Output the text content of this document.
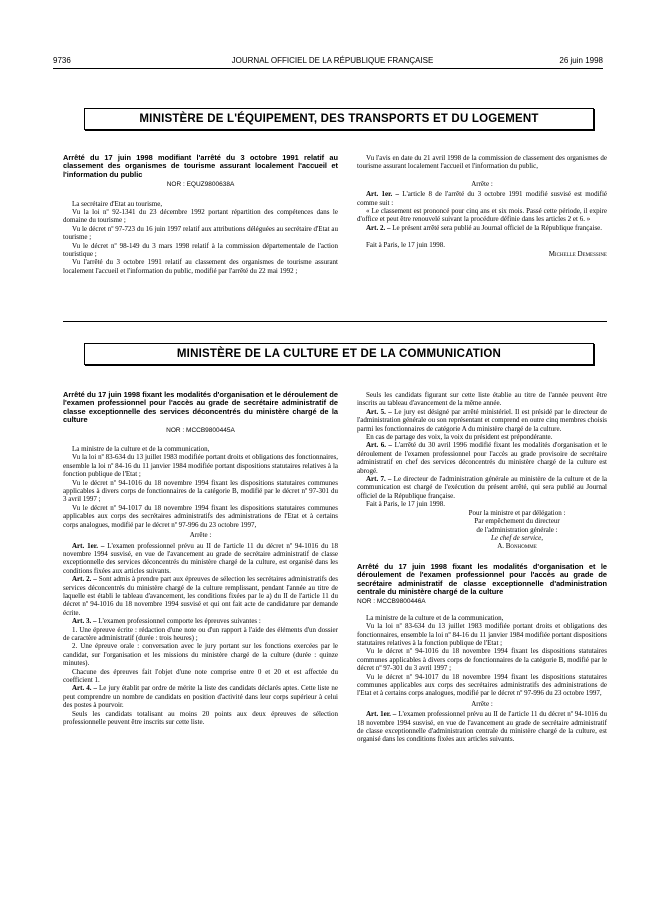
9736	JOURNAL OFFICIEL DE LA RÉPUBLIQUE FRANÇAISE	26 juin 1998
MINISTÈRE DE L'ÉQUIPEMENT, DES TRANSPORTS ET DU LOGEMENT

Arrêté du 17 juin 1998 modifiant l'arrêté du 3 octobre 1991 relatif au classement des organismes de tourisme assurant localement l'accueil et l'information du public

NOR : EQUZ9800638A

La secrétaire d'Etat au tourisme,

Vu la loi nº 92-1341 du 23 décembre 1992 portant répartition des compétences dans le domaine du tourisme ;

Vu le décret nº 97-723 du 16 juin 1997 relatif aux attributions déléguées au secrétaire d'Etat au tourisme ;

Vu le décret nº 98-149 du 3 mars 1998 relatif à la commission départementale de l'action touristique ;

Vu l'arrêté du 3 octobre 1991 relatif au classement des organismes de tourisme assurant localement l'accueil et l'information du public, modifié par l'arrêté du 22 mai 1992 ;

Vu l'avis en date du 21 avril 1998 de la commission de classement des organismes de tourisme assurant localement l'accueil et l'information du public,

Arrête :

Art. 1er. – L'article 8 de l'arrêté du 3 octobre 1991 modifié susvisé est modifié comme suit :

« Le classement est prononcé pour cinq ans et six mois. Passé cette période, il expire d'office et peut être renouvelé suivant la procédure définie dans les articles 2 et 6. »

Art. 2. – Le présent arrêté sera publié au Journal officiel de la République française.

Fait à Paris, le 17 juin 1998.

Michelle Demessine

MINISTÈRE DE LA CULTURE ET DE LA COMMUNICATION

Arrêté du 17 juin 1998 fixant les modalités d'organisation et le déroulement de l'examen professionnel pour l'accès au grade de secrétaire administratif de classe exceptionnelle des services déconcentrés du ministère chargé de la culture

NOR : MCCB9800445A

La ministre de la culture et de la communication,

Vu la loi nº 83-634 du 13 juillet 1983 modifiée portant droits et obligations des fonctionnaires, ensemble la loi nº 84-16 du 11 janvier 1984 modifiée portant dispositions statutaires relatives à la fonction publique de l'Etat ;

Vu le décret nº 94-1016 du 18 novembre 1994 fixant les dispositions statutaires communes applicables à divers corps de fonctionnaires de la catégorie B, modifié par le décret nº 97-301 du 3 avril 1997 ;

Vu le décret nº 94-1017 du 18 novembre 1994 fixant les dispositions statutaires communes applicables aux corps des secrétaires administratifs des administrations de l'Etat et à certains corps analogues, modifié par le décret nº 97-996 du 23 octobre 1997,

Arrête :

Art. 1er. – L'examen professionnel prévu au II de l'article 11 du décret nº 94-1016 du 18 novembre 1994 susvisé, en vue de l'avancement au grade de secrétaire administratif de classe exceptionnelle des services déconcentrés du ministère chargé de la culture, est organisé dans les conditions fixées aux articles suivants.

Art. 2. – Sont admis à prendre part aux épreuves de sélection les secrétaires administratifs des services déconcentrés du ministère chargé de la culture remplissant, pendant l'année au titre de laquelle est établi le tableau d'avancement, les conditions fixées par le a) du II de l'article 11 du décret nº 94-1016 du 18 novembre 1994 susvisé et qui ont fait acte de candidature par demande écrite.

Art. 3. – L'examen professionnel comporte les épreuves suivantes :

1. Une épreuve écrite : rédaction d'une note ou d'un rapport à l'aide des éléments d'un dossier de caractère administratif (durée : trois heures) ;

2. Une épreuve orale : conversation avec le jury portant sur les fonctions exercées par le candidat, sur l'organisation et les missions du ministère chargé de la culture (durée : quinze minutes).

Chacune des épreuves fait l'objet d'une note comprise entre 0 et 20 et est affectée du coefficient 1.

Art. 4. – Le jury établit par ordre de mérite la liste des candidats déclarés aptes. Cette liste ne peut comprendre un nombre de candidats en position d'activité dans leur corps supérieur à celui des postes à pourvoir.

Seuls les candidats totalisant au moins 20 points aux deux épreuves de sélection professionnelle peuvent être inscrits sur cette liste.

Seuls les candidats figurant sur cette liste établie au titre de l'année peuvent être inscrits au tableau d'avancement de la même année.

Art. 5. – Le jury est désigné par arrêté ministériel. Il est présidé par le directeur de l'administration générale ou son représentant et comprend en outre cinq membres choisis parmi les fonctionnaires de catégorie A du ministère chargé de la culture.

En cas de partage des voix, la voix du président est prépondérante.

Art. 6. – L'arrêté du 30 avril 1996 modifié fixant les modalités d'organisation et le déroulement de l'examen professionnel pour l'accès au grade provisoire de secrétaire administratif en chef des services déconcentrés du ministère chargé de la culture est abrogé.

Art. 7. – Le directeur de l'administration générale au ministère de la culture et de la communication est chargé de l'exécution du présent arrêté, qui sera publié au Journal officiel de la République française.

Fait à Paris, le 17 juin 1998.

Pour la ministre et par délégation :

Par empêchement du directeur

de l'administration générale :

Le chef de service,

A. Bonhomme

Arrêté du 17 juin 1998 fixant les modalités d'organisation et le déroulement de l'examen professionnel pour l'accès au grade de secrétaire administratif de classe exceptionnelle d'administration centrale du ministère chargé de la culture

NOR : MCCB9800446A

La ministre de la culture et de la communication,

Vu la loi nº 83-634 du 13 juillet 1983 modifiée portant droits et obligations des fonctionnaires, ensemble la loi nº 84-16 du 11 janvier 1984 modifiée portant dispositions statutaires relatives à la fonction publique de l'Etat ;

Vu le décret nº 94-1016 du 18 novembre 1994 fixant les dispositions statutaires communes applicables à divers corps de fonctionnaires de la catégorie B, modifié par le décret nº 97-301 du 3 avril 1997 ;

Vu le décret nº 94-1017 du 18 novembre 1994 fixant les dispositions statutaires communes applicables aux corps des secrétaires administratifs des administrations de l'Etat et à certains corps analogues, modifié par le décret nº 97-996 du 23 octobre 1997,

Arrête :

Art. 1er. – L'examen professionnel prévu au II de l'article 11 du décret nº 94-1016 du 18 novembre 1994 susvisé, en vue de l'avancement au grade de secrétaire administratif de classe exceptionnelle d'administration centrale du ministère chargé de la culture, est organisé dans les conditions fixées aux articles suivants.
